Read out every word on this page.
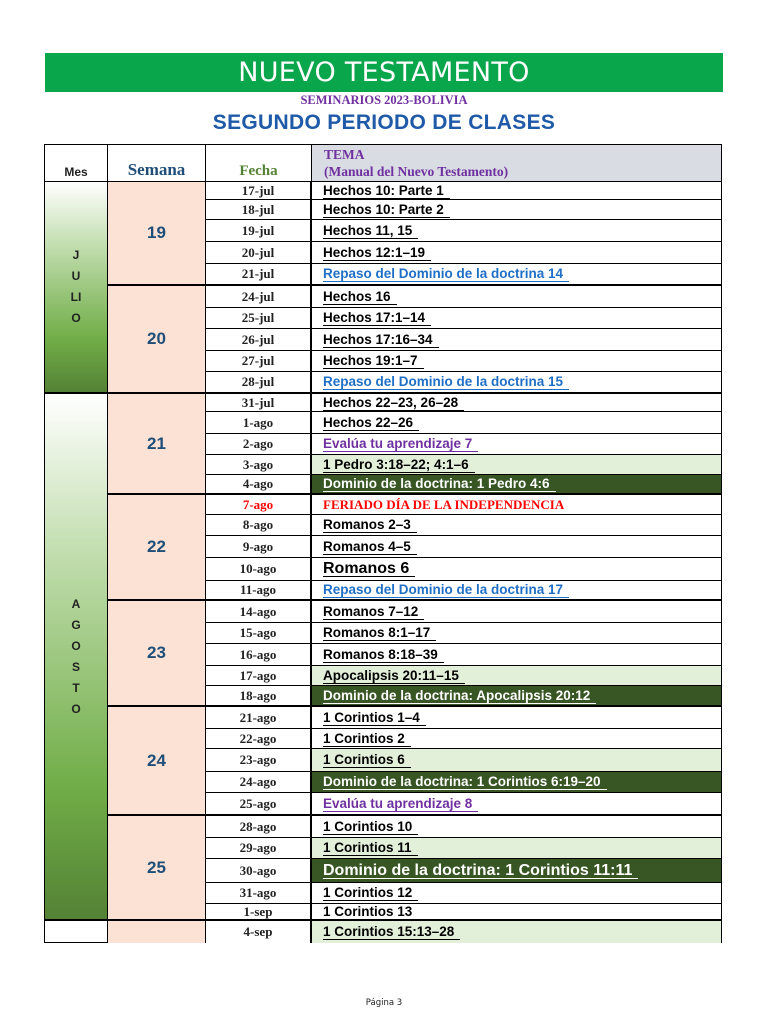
NUEVO TESTAMENTO
SEMINARIOS 2023-BOLIVIA
SEGUNDO PERIODO DE CLASES
Mes	Semana	Fecha
TEMA
(Manual del Nuevo Testamento)
JULIO
AGOSTO
19
20
21
22
23
24
25
17-jul	Hechos 10: Parte 1
18-jul	Hechos 10: Parte 2
19-jul	Hechos 11, 15
20-jul	Hechos 12:1–19
21-jul	Repaso del Dominio de la doctrina 14
24-jul	Hechos 16
25-jul	Hechos 17:1–14
26-jul	Hechos 17:16–34
27-jul	Hechos 19:1–7
28-jul	Repaso del Dominio de la doctrina 15
31-jul	Hechos 22–23, 26–28
1-ago	Hechos 22–26
2-ago	Evalúa tu aprendizaje 7
3-ago	1 Pedro 3:18–22; 4:1–6
4-ago	Dominio de la doctrina: 1 Pedro 4:6
7-ago	FERIADO DÍA DE LA INDEPENDENCIA
8-ago	Romanos 2–3
9-ago	Romanos 4–5
10-ago	Romanos 6
11-ago	Repaso del Dominio de la doctrina 17
14-ago	Romanos 7–12
15-ago	Romanos 8:1–17
16-ago	Romanos 8:18–39
17-ago	Apocalipsis 20:11–15
18-ago	Dominio de la doctrina: Apocalipsis 20:12
21-ago	1 Corintios 1–4
22-ago	1 Corintios 2
23-ago	1 Corintios 6
24-ago	Dominio de la doctrina: 1 Corintios 6:19–20
25-ago	Evalúa tu aprendizaje 8
28-ago	1 Corintios 10
29-ago	1 Corintios 11
30-ago	Dominio de la doctrina: 1 Corintios 11:11
31-ago	1 Corintios 12
1-sep	1 Corintios 13
4-sep	1 Corintios 15:13–28
Página 3
